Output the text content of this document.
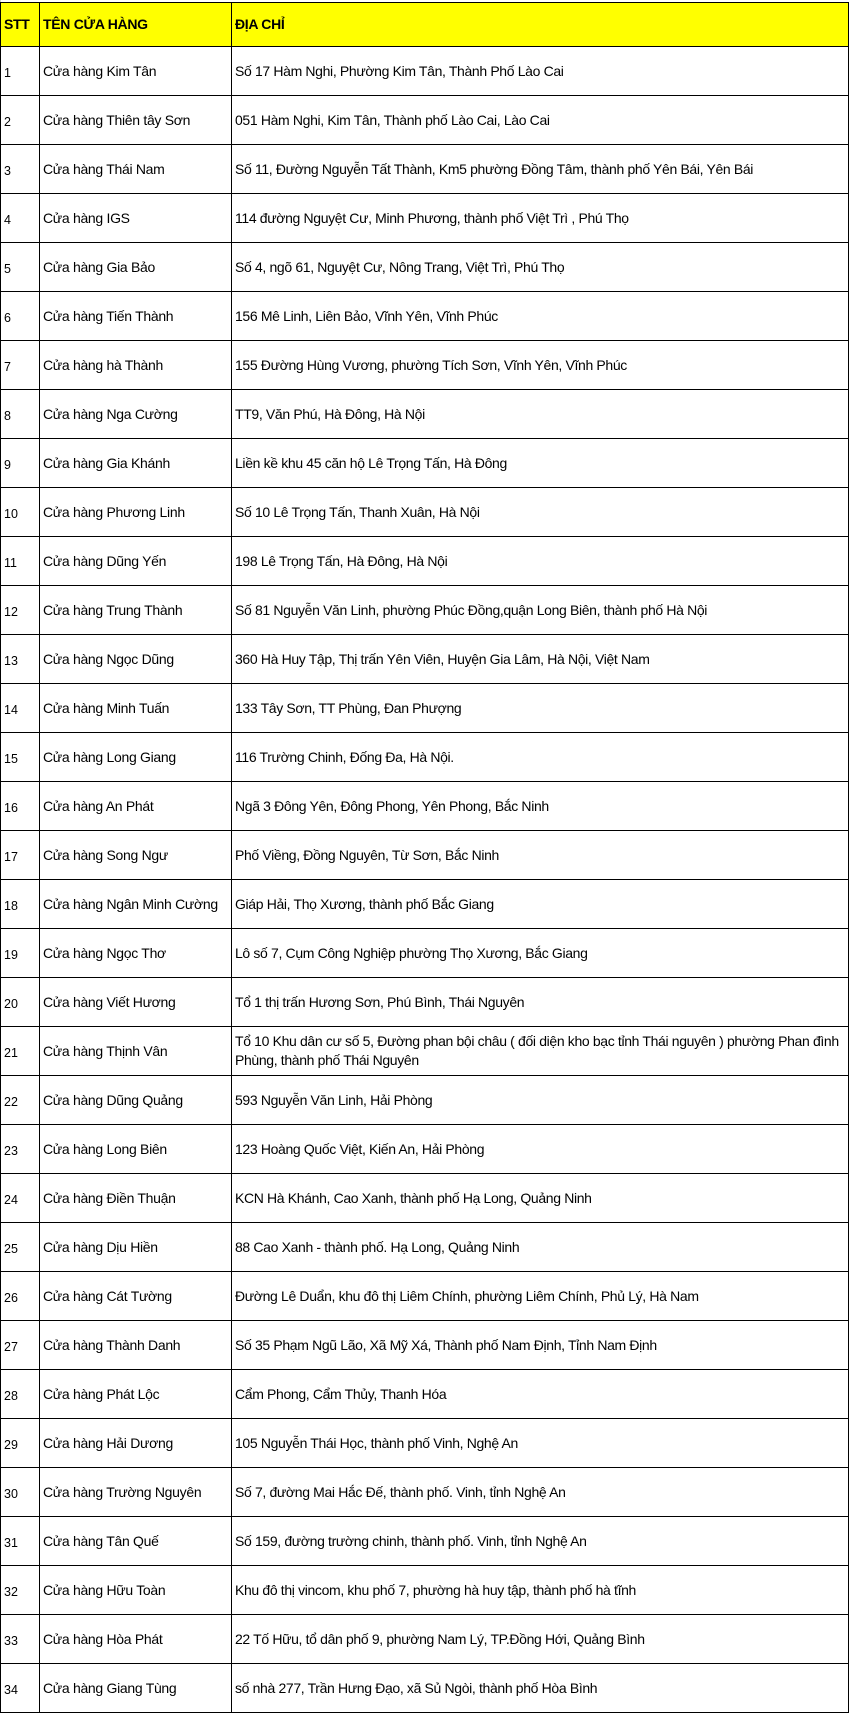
STT	TÊN CỬA HÀNG	ĐỊA CHỈ
1	Cửa hàng Kim Tân	Số 17 Hàm Nghi, Phường Kim Tân, Thành Phố Lào Cai
2	Cửa hàng Thiên tây Sơn	051 Hàm Nghi, Kim Tân, Thành phố Lào Cai, Lào Cai
3	Cửa hàng Thái Nam	Số 11, Đường Nguyễn Tất Thành, Km5 phường Đồng Tâm, thành phố Yên Bái, Yên Bái
4	Cửa hàng IGS	114 đường Nguyệt Cư, Minh Phương, thành phố Việt Trì , Phú Thọ
5	Cửa hàng Gia Bảo	Số 4, ngõ 61, Nguyệt Cư, Nông Trang, Việt Trì, Phú Thọ
6	Cửa hàng Tiến Thành	156 Mê Linh, Liên Bảo, Vĩnh Yên, Vĩnh Phúc
7	Cửa hàng hà Thành	155 Đường Hùng Vương, phường Tích Sơn, Vĩnh Yên, Vĩnh Phúc
8	Cửa hàng Nga Cường	TT9, Văn Phú, Hà Đông, Hà Nội
9	Cửa hàng Gia Khánh	Liền kề khu 45 căn hộ Lê Trọng Tấn, Hà Đông
10	Cửa hàng Phương Linh	Số 10 Lê Trọng Tấn, Thanh Xuân, Hà Nội
11	Cửa hàng Dũng Yến	198 Lê Trọng Tấn, Hà Đông, Hà Nội
12	Cửa hàng Trung Thành	Số 81 Nguyễn Văn Linh, phường Phúc Đồng,quận Long Biên, thành phố Hà Nội
13	Cửa hàng Ngọc Dũng	360 Hà Huy Tập, Thị trấn Yên Viên, Huyện Gia Lâm, Hà Nội, Việt Nam
14	Cửa hàng Minh Tuấn	133 Tây Sơn, TT Phùng, Đan Phượng
15	Cửa hàng Long Giang	116 Trường Chinh, Đống Đa, Hà Nội.
16	Cửa hàng An Phát	Ngã 3 Đông Yên, Đông Phong, Yên Phong, Bắc Ninh
17	Cửa hàng Song Ngư	Phố Viềng, Đồng Nguyên, Từ Sơn, Bắc Ninh
18	Cửa hàng Ngân Minh Cường	Giáp Hải, Thọ Xương, thành phố Bắc Giang
19	Cửa hàng Ngọc Thơ	Lô số 7, Cụm Công Nghiệp phường Thọ Xương, Bắc Giang
20	Cửa hàng Viết Hương	Tổ 1 thị trấn Hương Sơn, Phú Bình, Thái Nguyên
21	Cửa hàng Thịnh Vân	Tổ 10 Khu dân cư số 5, Đường phan bội châu ( đối diện kho bạc tỉnh Thái nguyên ) phường Phan đình Phùng, thành phố Thái Nguyên
22	Cửa hàng Dũng Quảng	593 Nguyễn Văn Linh, Hải Phòng
23	Cửa hàng Long Biên	123 Hoàng Quốc Việt, Kiến An, Hải Phòng
24	Cửa hàng Điền Thuận	KCN Hà Khánh, Cao Xanh, thành phố Hạ Long, Quảng Ninh
25	Cửa hàng Dịu Hiền	88 Cao Xanh - thành phố. Hạ Long, Quảng Ninh
26	Cửa hàng Cát Tường	Đường Lê Duẩn, khu đô thị Liêm Chính, phường Liêm Chính, Phủ Lý, Hà Nam
27	Cửa hàng Thành Danh	Số 35 Phạm Ngũ Lão, Xã Mỹ Xá, Thành phố Nam Định, Tỉnh Nam Định
28	Cửa hàng Phát Lộc	Cẩm Phong, Cẩm Thủy, Thanh Hóa
29	Cửa hàng Hải Dương	105 Nguyễn Thái Học, thành phố Vinh, Nghệ An
30	Cửa hàng Trường Nguyên	Số 7, đường Mai Hắc Đế, thành phố. Vinh, tỉnh Nghệ An
31	Cửa hàng Tân Quế	Số 159, đường trường chinh, thành phố. Vinh, tỉnh Nghệ An
32	Cửa hàng Hữu Toàn	Khu đô thị vincom, khu phố 7, phường hà huy tập, thành phố hà tĩnh
33	Cửa hàng Hòa Phát	22 Tố Hữu, tổ dân phố 9, phường Nam Lý, TP.Đồng Hới, Quảng Bình
34	Cửa hàng Giang Tùng	số nhà 277, Trần Hưng Đạo, xã Sủ Ngòi, thành phố Hòa Bình
